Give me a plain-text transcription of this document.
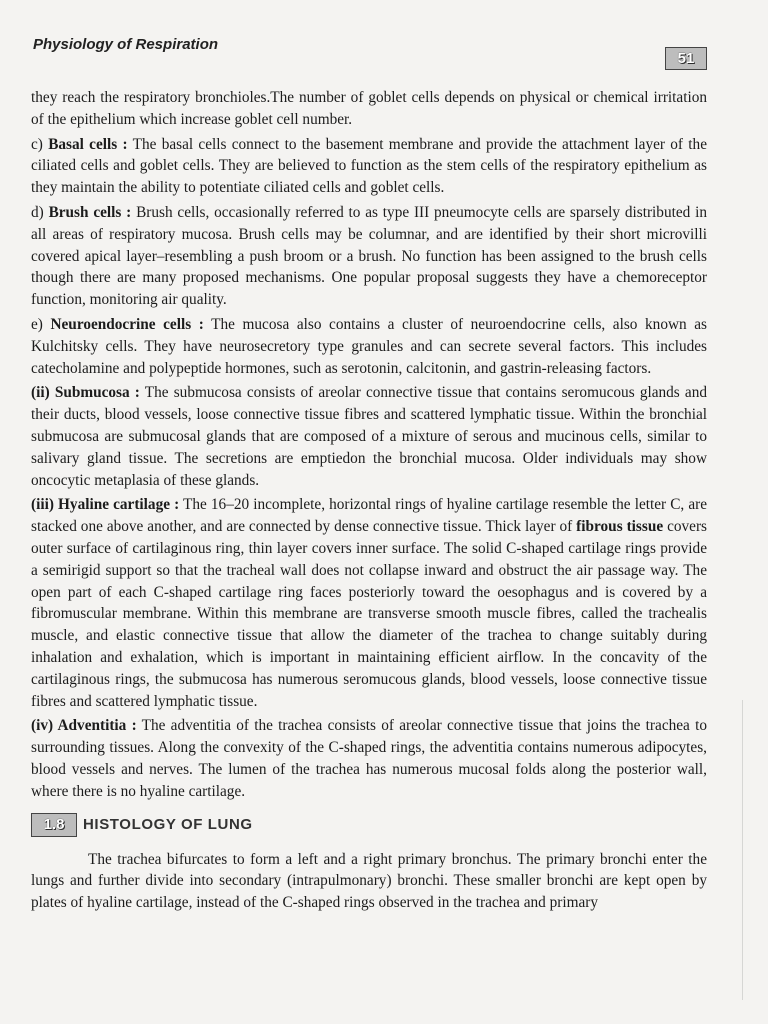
Physiology of Respiration
51

they reach the respiratory bronchioles.The number of goblet cells depends on physical or chemical irritation of the epithelium which increase goblet cell number.

c) Basal cells : The basal cells connect to the basement membrane and provide the attachment layer of the ciliated cells and goblet cells. They are believed to function as the stem cells of the respiratory epithelium as they maintain the ability to potentiate ciliated cells and goblet cells.

d) Brush cells : Brush cells, occasionally referred to as type III pneumocyte cells are sparsely distributed in all areas of respiratory mucosa. Brush cells may be columnar, and are identified by their short microvilli covered apical layer–resembling a push broom or a brush. No function has been assigned to the brush cells though there are many proposed mechanisms. One popular proposal suggests they have a chemoreceptor function, monitoring air quality.

e) Neuroendocrine cells : The mucosa also contains a cluster of neuroendocrine cells, also known as Kulchitsky cells. They have neurosecretory type granules and can secrete several factors. This includes catecholamine and polypeptide hormones, such as serotonin, calcitonin, and gastrin-releasing factors.

(ii) Submucosa : The submucosa consists of areolar connective tissue that contains seromucous glands and their ducts, blood vessels, loose connective tissue fibres and scattered lymphatic tissue. Within the bronchial submucosa are submucosal glands that are composed of a mixture of serous and mucinous cells, similar to salivary gland tissue. The secretions are emptiedon the bronchial mucosa. Older individuals may show oncocytic metaplasia of these glands.

(iii) Hyaline cartilage : The 16–20 incomplete, horizontal rings of hyaline cartilage resemble the letter C, are stacked one above another, and are connected by dense connective tissue. Thick layer of fibrous tissue covers outer surface of cartilaginous ring, thin layer covers inner surface. The solid C-shaped cartilage rings provide a semirigid support so that the tracheal wall does not collapse inward and obstruct the air passage way. The open part of each C-shaped cartilage ring faces posteriorly toward the oesophagus and is covered by a fibromuscular membrane. Within this membrane are transverse smooth muscle fibres, called the trachealis muscle, and elastic connective tissue that allow the diameter of the trachea to change suitably during inhalation and exhalation, which is important in maintaining efficient airflow. In the concavity of the cartilaginous rings, the submucosa has numerous seromucous glands, blood vessels, loose connective tissue fibres and scattered lymphatic tissue.

(iv) Adventitia : The adventitia of the trachea consists of areolar connective tissue that joins the trachea to surrounding tissues. Along the convexity of the C-shaped rings, the adventitia contains numerous adipocytes, blood vessels and nerves. The lumen of the trachea has numerous mucosal folds along the posterior wall, where there is no hyaline cartilage.

1.8	HISTOLOGY OF LUNG

The trachea bifurcates to form a left and a right primary bronchus. The primary bronchi enter the lungs and further divide into secondary (intrapulmonary) bronchi. These smaller bronchi are kept open by plates of hyaline cartilage, instead of the C-shaped rings observed in the trachea and primary
